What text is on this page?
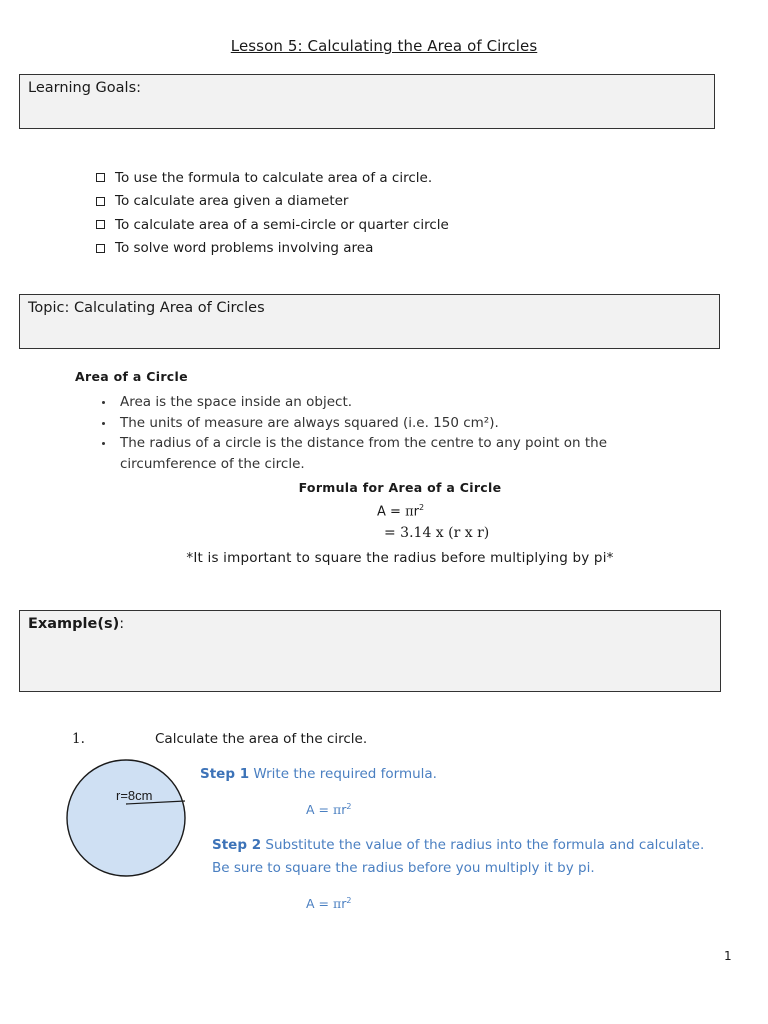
Lesson 5: Calculating the Area of Circles
Learning Goals:
To use the formula to calculate area of a circle.
To calculate area given a diameter
To calculate area of a semi-circle or quarter circle
To solve word problems involving area
Topic: Calculating Area of Circles
Area of a Circle
Area is the space inside an object.
The units of measure are always squared (i.e. 150 cm²).
The radius of a circle is the distance from the centre to any point on the circumference of the circle.
Formula for Area of a Circle
$A = \pi r^2$
= 3.14 x (r x r)
*It is important to square the radius before multiplying by pi*
Example(s):
1.	Calculate the area of the circle.
r=8cm
Step 1 Write the required formula.
$A = \pi r^2$
Step 2 Substitute the value of the radius into the formula and calculate. Be sure to square the radius before you multiply it by pi.
$A = \pi r^2$
1
